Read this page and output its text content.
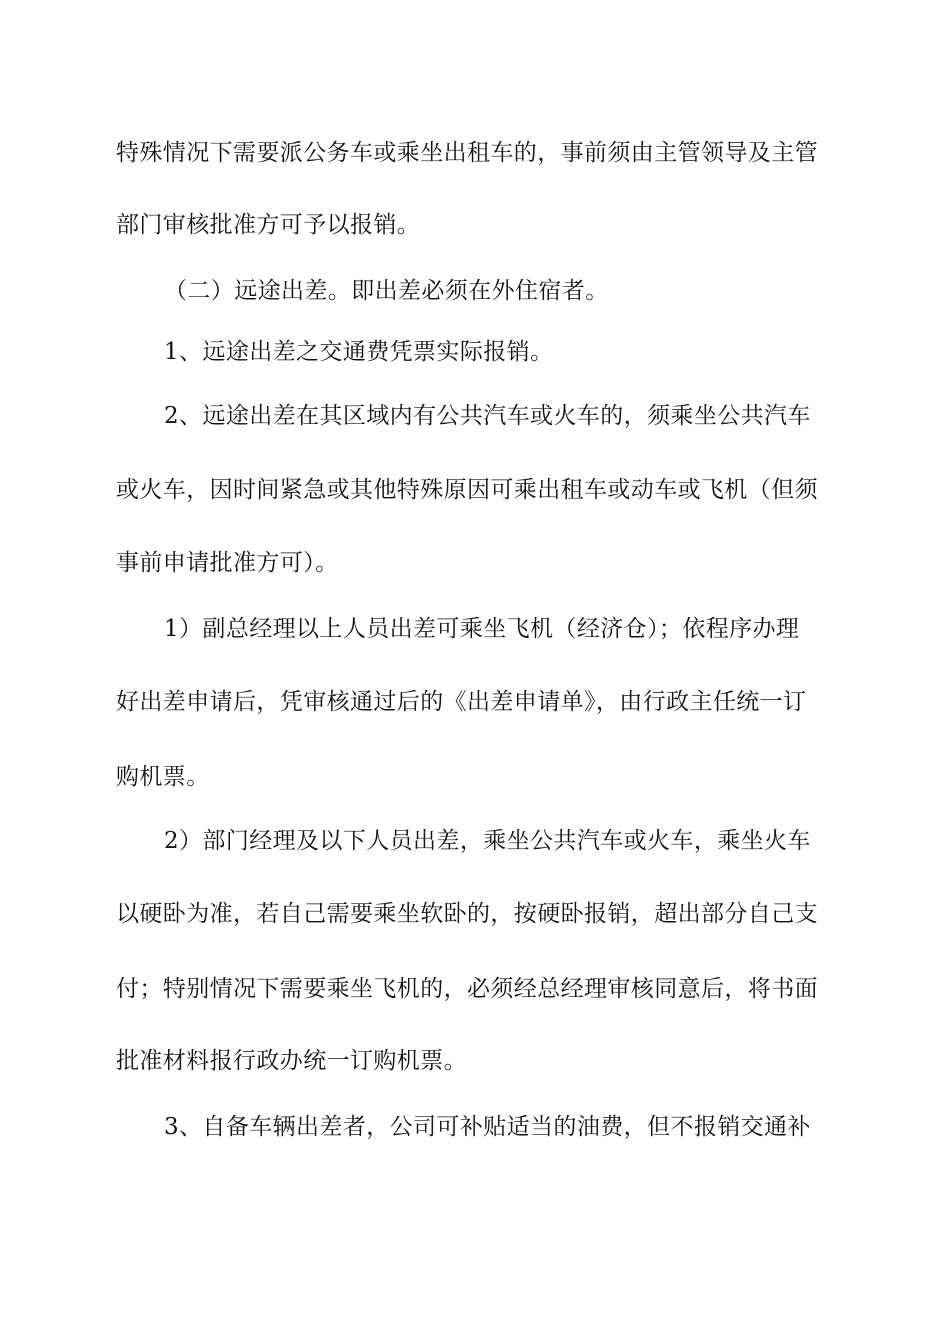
特殊情况下需要派公务车或乘坐出租车的，事前须由主管领导及主管
部门审核批准方可予以报销。
（二）远途出差。即出差必须在外住宿者。
1、远途出差之交通费凭票实际报销。
2、远途出差在其区域内有公共汽车或火车的，须乘坐公共汽车
或火车，因时间紧急或其他特殊原因可乘出租车或动车或飞机（但须
事前申请批准方可）。
1）副总经理以上人员出差可乘坐飞机（经济仓）；依程序办理
好出差申请后，凭审核通过后的《出差申请单》，由行政主任统一订
购机票。
2）部门经理及以下人员出差，乘坐公共汽车或火车，乘坐火车
以硬卧为准，若自己需要乘坐软卧的，按硬卧报销，超出部分自己支
付；特别情况下需要乘坐飞机的，必须经总经理审核同意后，将书面
批准材料报行政办统一订购机票。
3、自备车辆出差者，公司可补贴适当的油费，但不报销交通补
